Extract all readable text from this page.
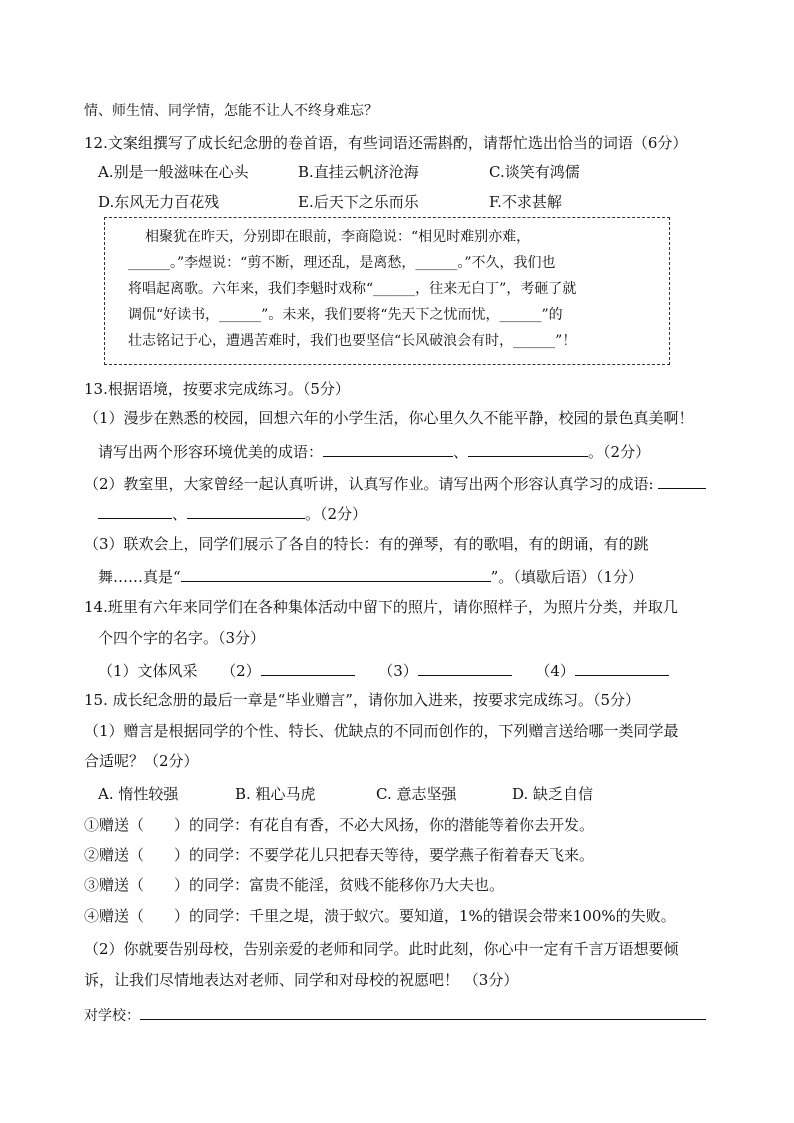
情、师生情、同学情，怎能不让人不终身难忘？
12.文案组撰写了成长纪念册的卷首语，有些词语还需斟酌，请帮忙选出恰当的词语（6分）
A.别是一般滋味在心头	B.直挂云帆济沧海	C.谈笑有鸿儒
D.东风无力百花残	E.后天下之乐而乐	F.不求甚解
相聚犹在昨天，分别即在眼前，李商隐说：“相见时难别亦难，
______。”李煜说：“剪不断，理还乱，是离愁，______。”不久，我们也
将唱起离歌。六年来，我们李魁时戏称“______，往来无白丁”，考砸了就
调侃“好读书，______”。未来，我们要将“先天下之忧而忧，______”的
壮志铭记于心，遭遇苦难时，我们也要坚信“长风破浪会有时，______”！
13.根据语境，按要求完成练习。（5分）
（1）漫步在熟悉的校园，回想六年的小学生活，你心里久久不能平静，校园的景色真美啊！
请写出两个形容环境优美的成语：	、	。（2分）
（2）教室里，大家曾经一起认真听讲，认真写作业。请写出两个形容认真学习的成语:
、	。（2分）
（3）联欢会上，同学们展示了各自的特长：有的弹琴，有的歌唱，有的朗诵，有的跳
舞……真是“	”。（填歇后语）（1分）
14.班里有六年来同学们在各种集体活动中留下的照片，请你照样子，为照片分类，并取几
个四个字的名字。（3分）
（1）文体风采 （2）	（3）	（4）
15. 成长纪念册的最后一章是“毕业赠言”，请你加入进来，按要求完成练习。（5分）
（1）赠言是根据同学的个性、特长、优缺点的不同而创作的，下列赠言送给哪一类同学最
合适呢？（2分）
A. 惰性较强	B. 粗心马虎	C. 意志坚强	D. 缺乏自信
①赠送（　　）的同学：有花自有香，不必大风扬，你的潜能等着你去开发。
②赠送（　　）的同学：不要学花儿只把春天等待，要学燕子衔着春天飞来。
③赠送（　　）的同学：富贵不能淫，贫贱不能移你乃大夫也。
④赠送（　　）的同学：千里之堤，溃于蚁穴。要知道，1%的错误会带来100%的失败。
（2）你就要告别母校，告别亲爱的老师和同学。此时此刻，你心中一定有千言万语想要倾
诉，让我们尽情地表达对老师、同学和对母校的祝愿吧！ （3分）
对学校：
